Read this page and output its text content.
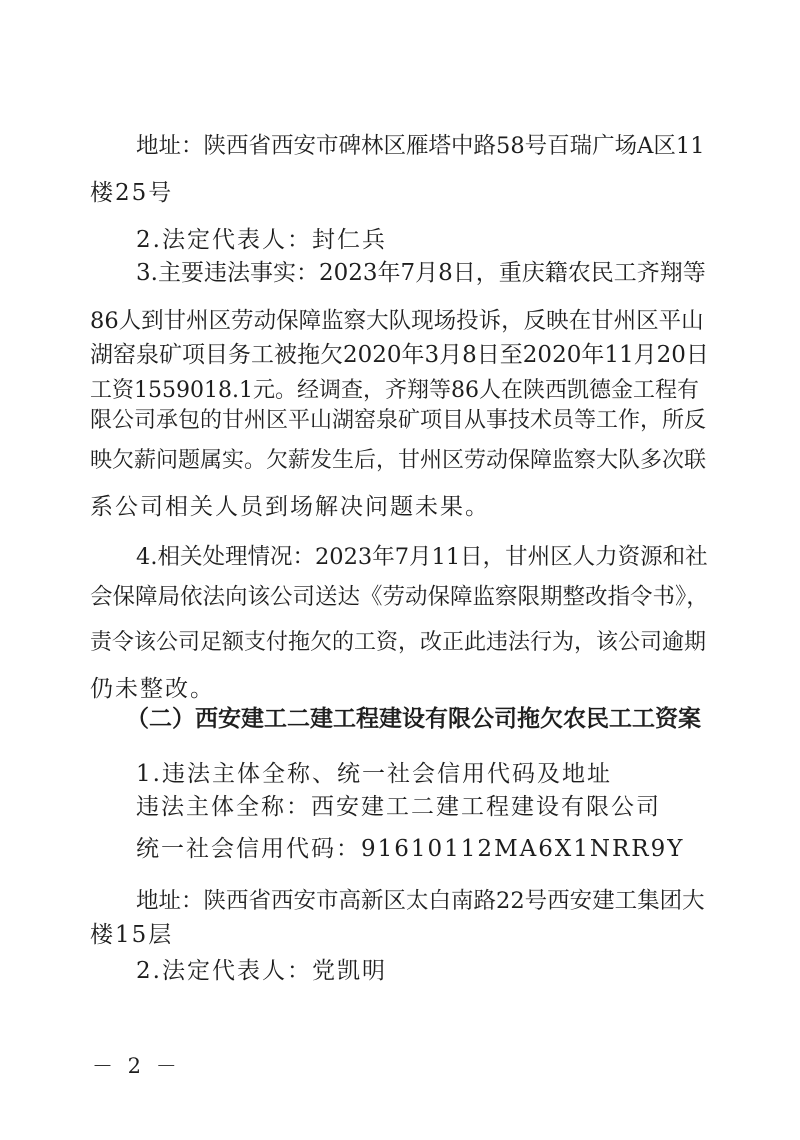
地址：陕西省西安市碑林区雁塔中路58号百瑞广场A区11
楼25号
2.法定代表人：封仁兵
3.主要违法事实：2023年7月8日，重庆籍农民工齐翔等
86人到甘州区劳动保障监察大队现场投诉，反映在甘州区平山
湖窑泉矿项目务工被拖欠2020年3月8日至2020年11月20日
工资1559018.1元。经调查，齐翔等86人在陕西凯德金工程有
限公司承包的甘州区平山湖窑泉矿项目从事技术员等工作，所反
映欠薪问题属实。欠薪发生后，甘州区劳动保障监察大队多次联
系公司相关人员到场解决问题未果。
4.相关处理情况：2023年7月11日，甘州区人力资源和社
会保障局依法向该公司送达《劳动保障监察限期整改指令书》，
责令该公司足额支付拖欠的工资，改正此违法行为，该公司逾期
仍未整改。
（二）西安建工二建工程建设有限公司拖欠农民工工资案
1.违法主体全称、统一社会信用代码及地址
违法主体全称：西安建工二建工程建设有限公司
统一社会信用代码：91610112MA6X1NRR9Y
地址：陕西省西安市高新区太白南路22号西安建工集团大
楼15层
2.法定代表人：党凯明
－ 2 －
